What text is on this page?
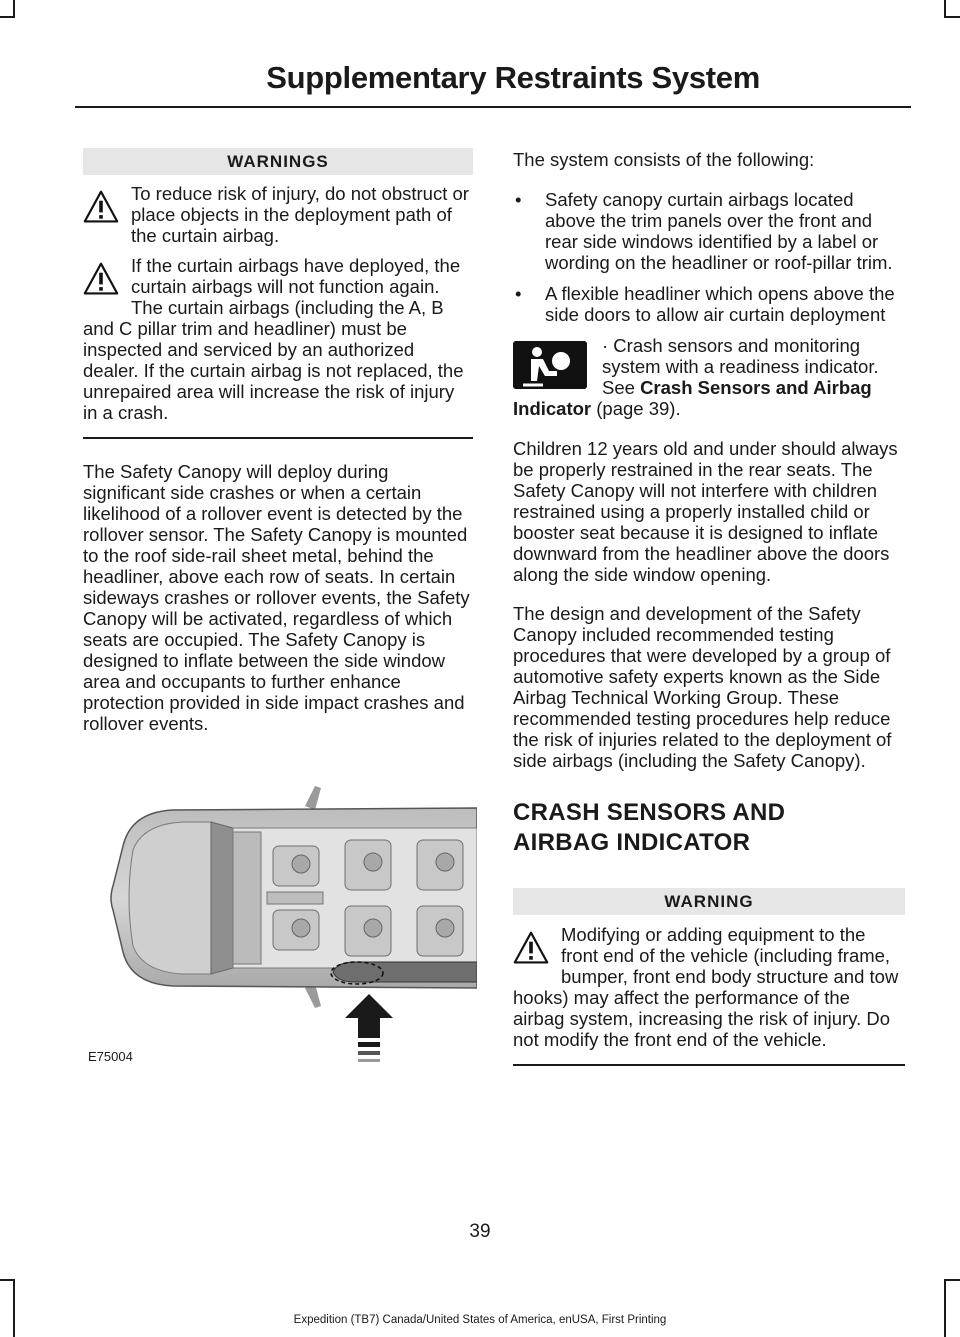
Supplementary Restraints System
WARNINGS
To reduce risk of injury, do not obstruct or place objects in the deployment path of the curtain airbag.
If the curtain airbags have deployed, the curtain airbags will not function again. The curtain airbags (including the A, B and C pillar trim and headliner) must be inspected and serviced by an authorized dealer. If the curtain airbag is not replaced, the unrepaired area will increase the risk of injury in a crash.

The Safety Canopy will deploy during significant side crashes or when a certain likelihood of a rollover event is detected by the rollover sensor. The Safety Canopy is mounted to the roof side-rail sheet metal, behind the headliner, above each row of seats. In certain sideways crashes or rollover events, the Safety Canopy will be activated, regardless of which seats are occupied. The Safety Canopy is designed to inflate between the side window area and occupants to further enhance protection provided in side impact crashes and rollover events.

E75004

The system consists of the following:

• Safety canopy curtain airbags located above the trim panels over the front and rear side windows identified by a label or wording on the headliner or roof-pillar trim.
• A flexible headliner which opens above the side doors to allow air curtain deployment
· Crash sensors and monitoring system with a readiness indicator. See Crash Sensors and Airbag Indicator (page 39).

Children 12 years old and under should always be properly restrained in the rear seats. The Safety Canopy will not interfere with children restrained using a properly installed child or booster seat because it is designed to inflate downward from the headliner above the doors along the side window opening.

The design and development of the Safety Canopy included recommended testing procedures that were developed by a group of automotive safety experts known as the Side Airbag Technical Working Group. These recommended testing procedures help reduce the risk of injuries related to the deployment of side airbags (including the Safety Canopy).

CRASH SENSORS AND
AIRBAG INDICATOR
WARNING
Modifying or adding equipment to the front end of the vehicle (including frame, bumper, front end body structure and tow hooks) may affect the performance of the airbag system, increasing the risk of injury. Do not modify the front end of the vehicle.
39
Expedition (TB7) Canada/United States of America, enUSA, First Printing
